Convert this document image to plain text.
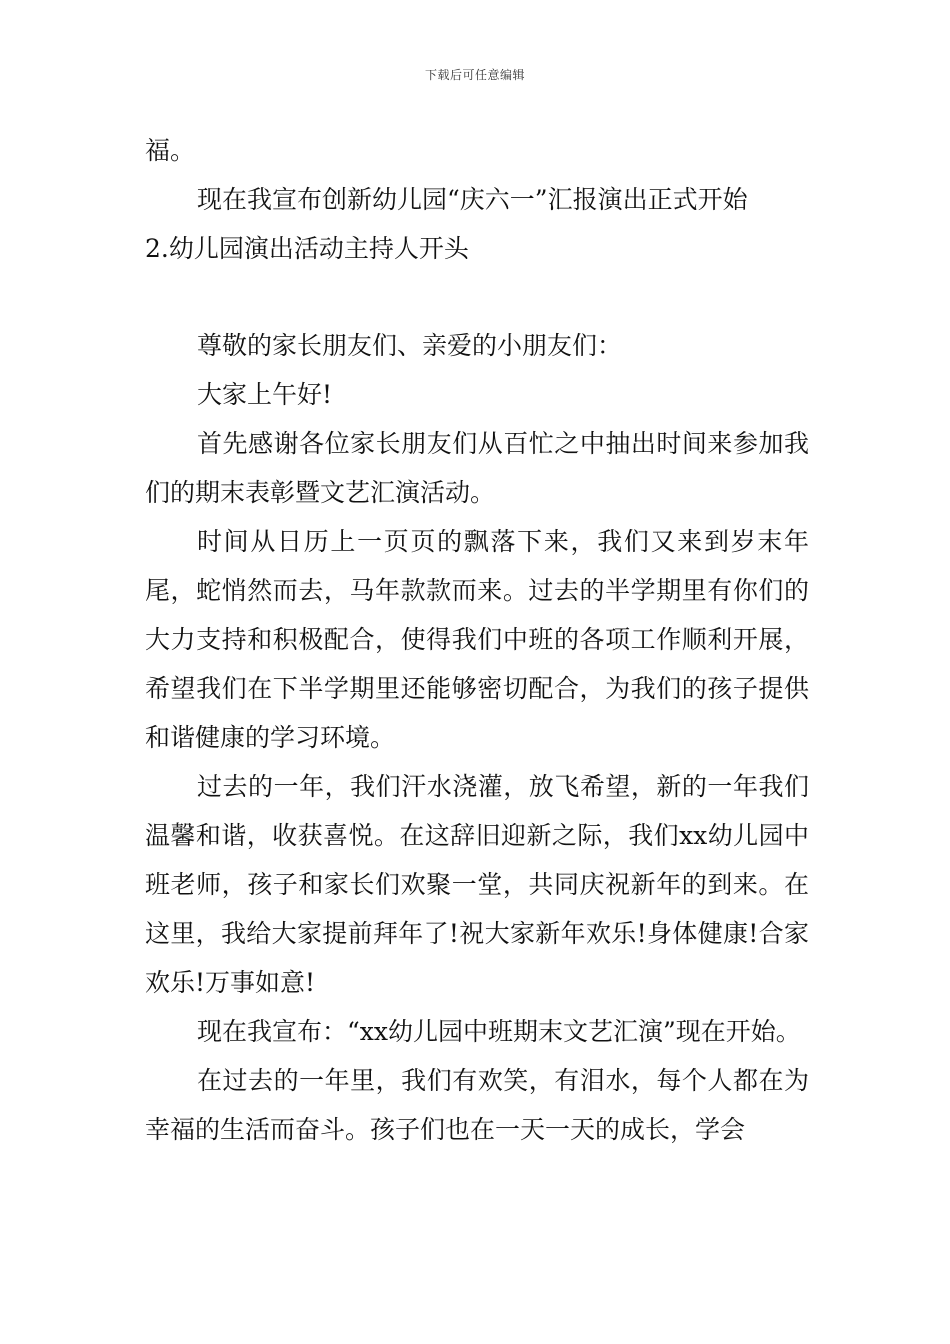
下载后可任意编辑

福。

现在我宣布创新幼儿园“庆六一”汇报演出正式开始

2.幼儿园演出活动主持人开头

尊敬的家长朋友们、亲爱的小朋友们：

大家上午好!

首先感谢各位家长朋友们从百忙之中抽出时间来参加我们的期末表彰暨文艺汇演活动。

时间从日历上一页页的飘落下来，我们又来到岁末年尾，蛇悄然而去，马年款款而来。过去的半学期里有你们的大力支持和积极配合，使得我们中班的各项工作顺利开展，希望我们在下半学期里还能够密切配合，为我们的孩子提供和谐健康的学习环境。

过去的一年，我们汗水浇灌，放飞希望，新的一年我们温馨和谐，收获喜悦。在这辞旧迎新之际，我们xx幼儿园中班老师，孩子和家长们欢聚一堂，共同庆祝新年的到来。在这里，我给大家提前拜年了!祝大家新年欢乐!身体健康!合家欢乐!万事如意!

现在我宣布：“xx幼儿园中班期末文艺汇演”现在开始。

在过去的一年里，我们有欢笑，有泪水，每个人都在为幸福的生活而奋斗。孩子们也在一天一天的成长，学会
